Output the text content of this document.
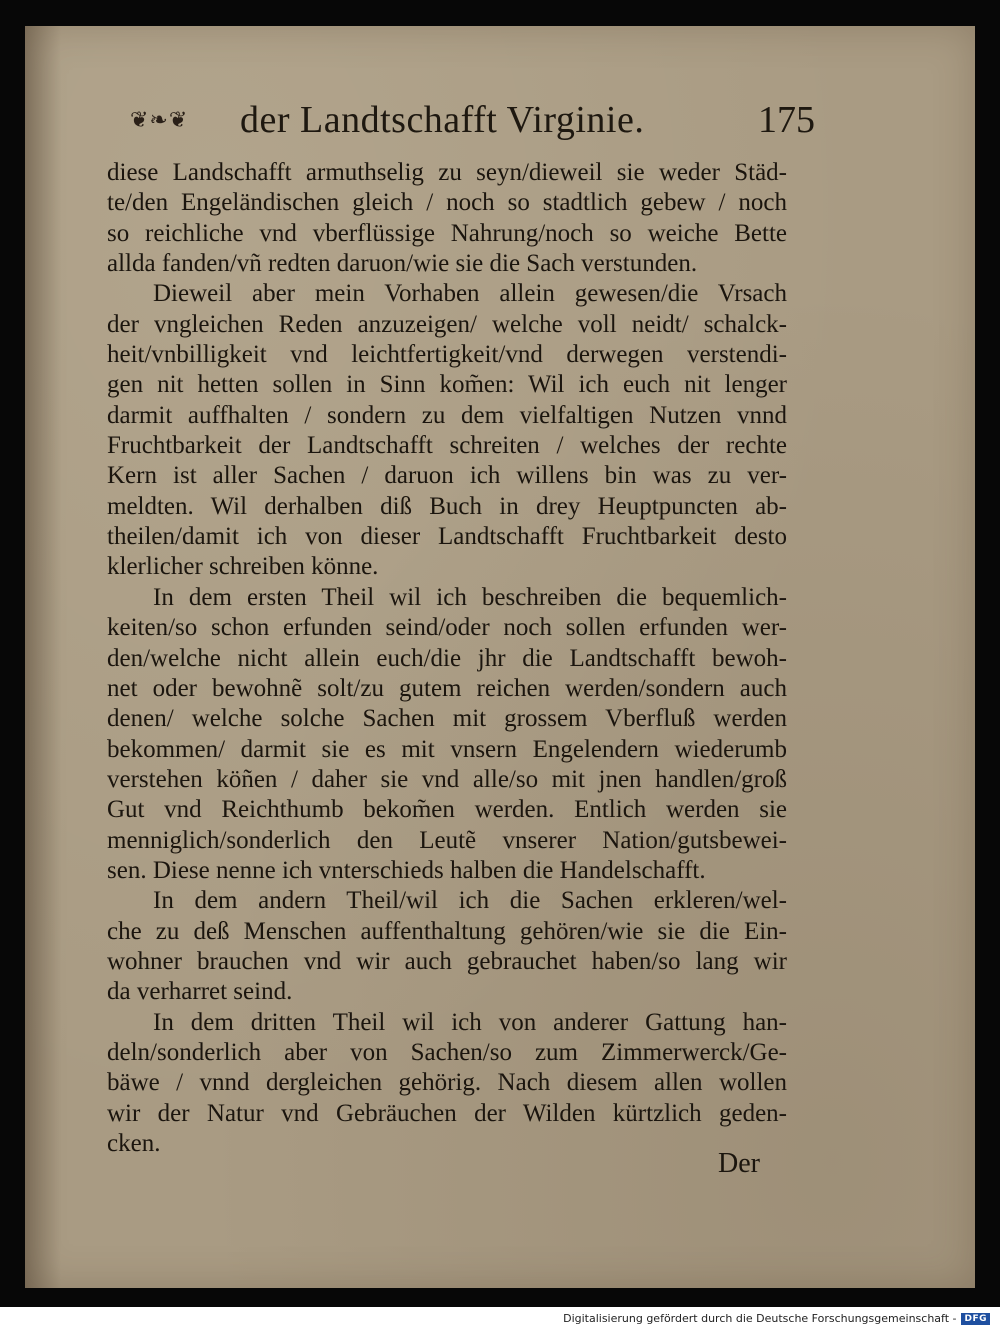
❦❧❦ der Landtschafft Virginie.	175
diese Landschafft armuthselig zu seyn/dieweil sie weder Städ-
te/den Engeländischen gleich / noch so stadtlich gebew / noch
so reichliche vnd vberflüssige Nahrung/noch so weiche Bette
allda fanden/vñ redten daruon/wie sie die Sach verstunden.
Dieweil aber mein Vorhaben allein gewesen/die Vrsach
der vngleichen Reden anzuzeigen/ welche voll neidt/ schalck-
heit/vnbilligkeit vnd leichtfertigkeit/vnd derwegen verstendi-
gen nit hetten sollen in Sinn kom̃en: Wil ich euch nit lenger
darmit auffhalten / sondern zu dem vielfaltigen Nutzen vnnd
Fruchtbarkeit der Landtschafft schreiten / welches der rechte
Kern ist aller Sachen / daruon ich willens bin was zu ver-
meldten. Wil derhalben diß Buch in drey Heuptpuncten ab-
theilen/damit ich von dieser Landtschafft Fruchtbarkeit desto
klerlicher schreiben könne.
In dem ersten Theil wil ich beschreiben die bequemlich-
keiten/so schon erfunden seind/oder noch sollen erfunden wer-
den/welche nicht allein euch/die jhr die Landtschafft bewoh-
net oder bewohnẽ solt/zu gutem reichen werden/sondern auch
denen/ welche solche Sachen mit grossem Vberfluß werden
bekommen/ darmit sie es mit vnsern Engelendern wiederumb
verstehen köñen / daher sie vnd alle/so mit jnen handlen/groß
Gut vnd Reichthumb bekom̃en werden. Entlich werden sie
menniglich/sonderlich den Leutẽ vnserer Nation/gutsbewei-
sen. Diese nenne ich vnterschieds halben die Handelschafft.
In dem andern Theil/wil ich die Sachen erkleren/wel-
che zu deß Menschen auffenthaltung gehören/wie sie die Ein-
wohner brauchen vnd wir auch gebrauchet haben/so lang wir
da verharret seind.
In dem dritten Theil wil ich von anderer Gattung han-
deln/sonderlich aber von Sachen/so zum Zimmerwerck/Ge-
bäwe / vnnd dergleichen gehörig. Nach diesem allen wollen
wir der Natur vnd Gebräuchen der Wilden kürtzlich geden-
cken.
Der
Digitalisierung gefördert durch die Deutsche Forschungsgemeinschaft - DFG
